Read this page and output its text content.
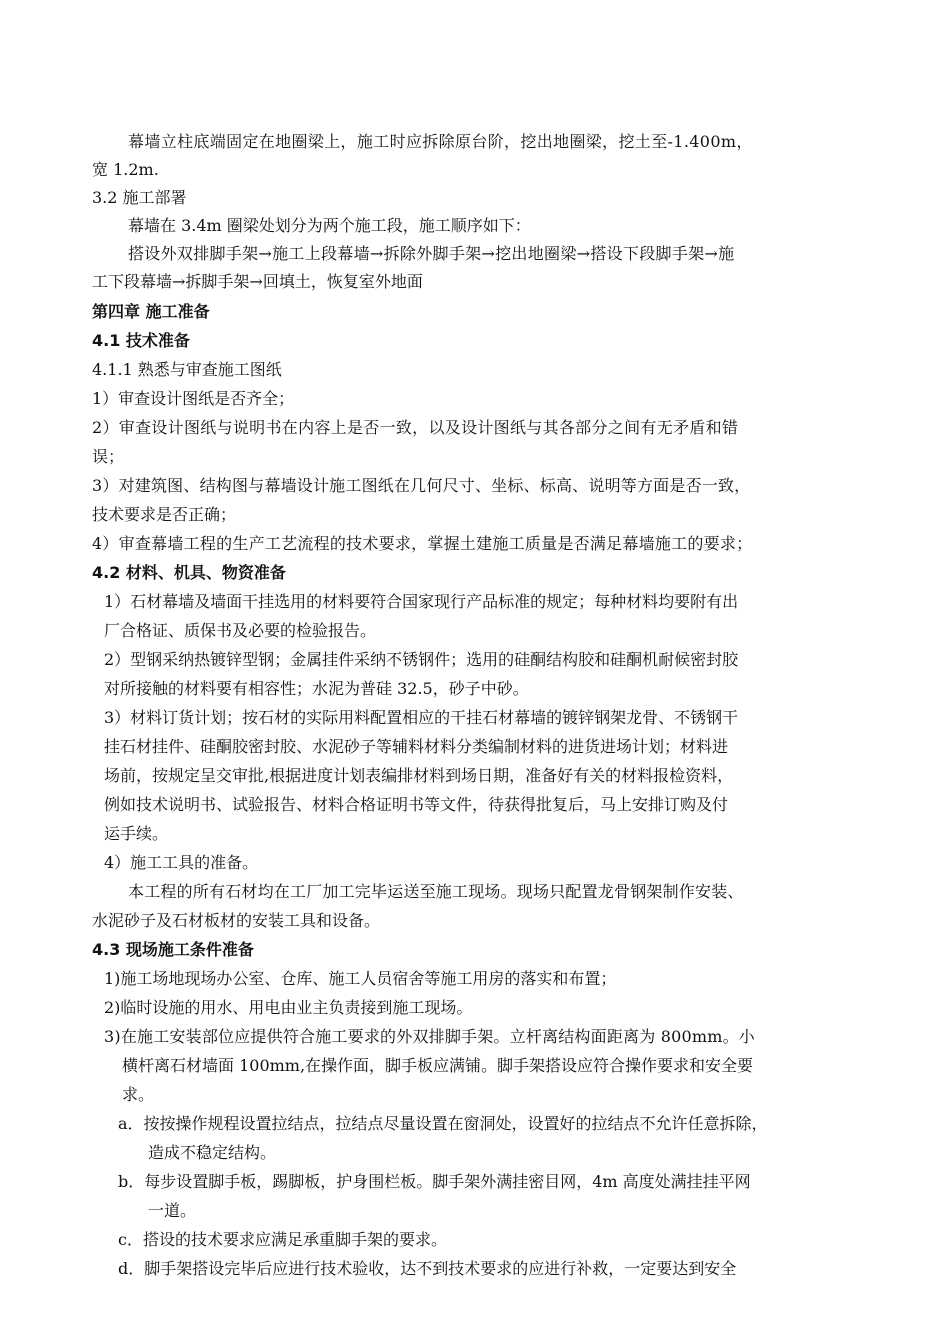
幕墙立柱底端固定在地圈梁上，施工时应拆除原台阶，挖出地圈梁，挖土至-1.400m，
宽 1.2m.
3.2 施工部署
幕墙在 3.4m 圈梁处划分为两个施工段，施工顺序如下：
搭设外双排脚手架→施工上段幕墙→拆除外脚手架→挖出地圈梁→搭设下段脚手架→施
工下段幕墙→拆脚手架→回填土，恢复室外地面
第四章 施工准备
4.1 技术准备
4.1.1 熟悉与审查施工图纸
1）审查设计图纸是否齐全；
2）审查设计图纸与说明书在内容上是否一致，以及设计图纸与其各部分之间有无矛盾和错
误；
3）对建筑图、结构图与幕墙设计施工图纸在几何尺寸、坐标、标高、说明等方面是否一致，
技术要求是否正确；
4）审查幕墙工程的生产工艺流程的技术要求，掌握土建施工质量是否满足幕墙施工的要求；
4.2 材料、机具、物资准备
1）石材幕墙及墙面干挂选用的材料要符合国家现行产品标准的规定；每种材料均要附有出
厂合格证、质保书及必要的检验报告。
2）型钢采纳热镀锌型钢；金属挂件采纳不锈钢件；选用的硅酮结构胶和硅酮机耐候密封胶
对所接触的材料要有相容性；水泥为普硅 32.5，砂子中砂。
3）材料订货计划；按石材的实际用料配置相应的干挂石材幕墙的镀锌钢架龙骨、不锈钢干
挂石材挂件、硅酮胶密封胶、水泥砂子等辅料材料分类编制材料的进货进场计划；材料进
场前，按规定呈交审批,根据进度计划表编排材料到场日期，准备好有关的材料报检资料，
例如技术说明书、试验报告、材料合格证明书等文件，待获得批复后，马上安排订购及付
运手续。
4）施工工具的准备。
本工程的所有石材均在工厂加工完毕运送至施工现场。现场只配置龙骨钢架制作安装、
水泥砂子及石材板材的安装工具和设备。
4.3 现场施工条件准备
1)施工场地现场办公室、仓库、施工人员宿舍等施工用房的落实和布置；
2)临时设施的用水、用电由业主负责接到施工现场。
3)在施工安装部位应提供符合施工要求的外双排脚手架。立杆离结构面距离为 800mm。小
横杆离石材墙面 100mm,在操作面，脚手板应满铺。脚手架搭设应符合操作要求和安全要
求。
a．按按操作规程设置拉结点，拉结点尽量设置在窗洞处，设置好的拉结点不允许任意拆除，
造成不稳定结构。
b．每步设置脚手板，踢脚板，护身围栏板。脚手架外满挂密目网，4m 高度处满挂挂平网
一道。
c．搭设的技术要求应满足承重脚手架的要求。
d．脚手架搭设完毕后应进行技术验收，达不到技术要求的应进行补救，一定要达到安全
